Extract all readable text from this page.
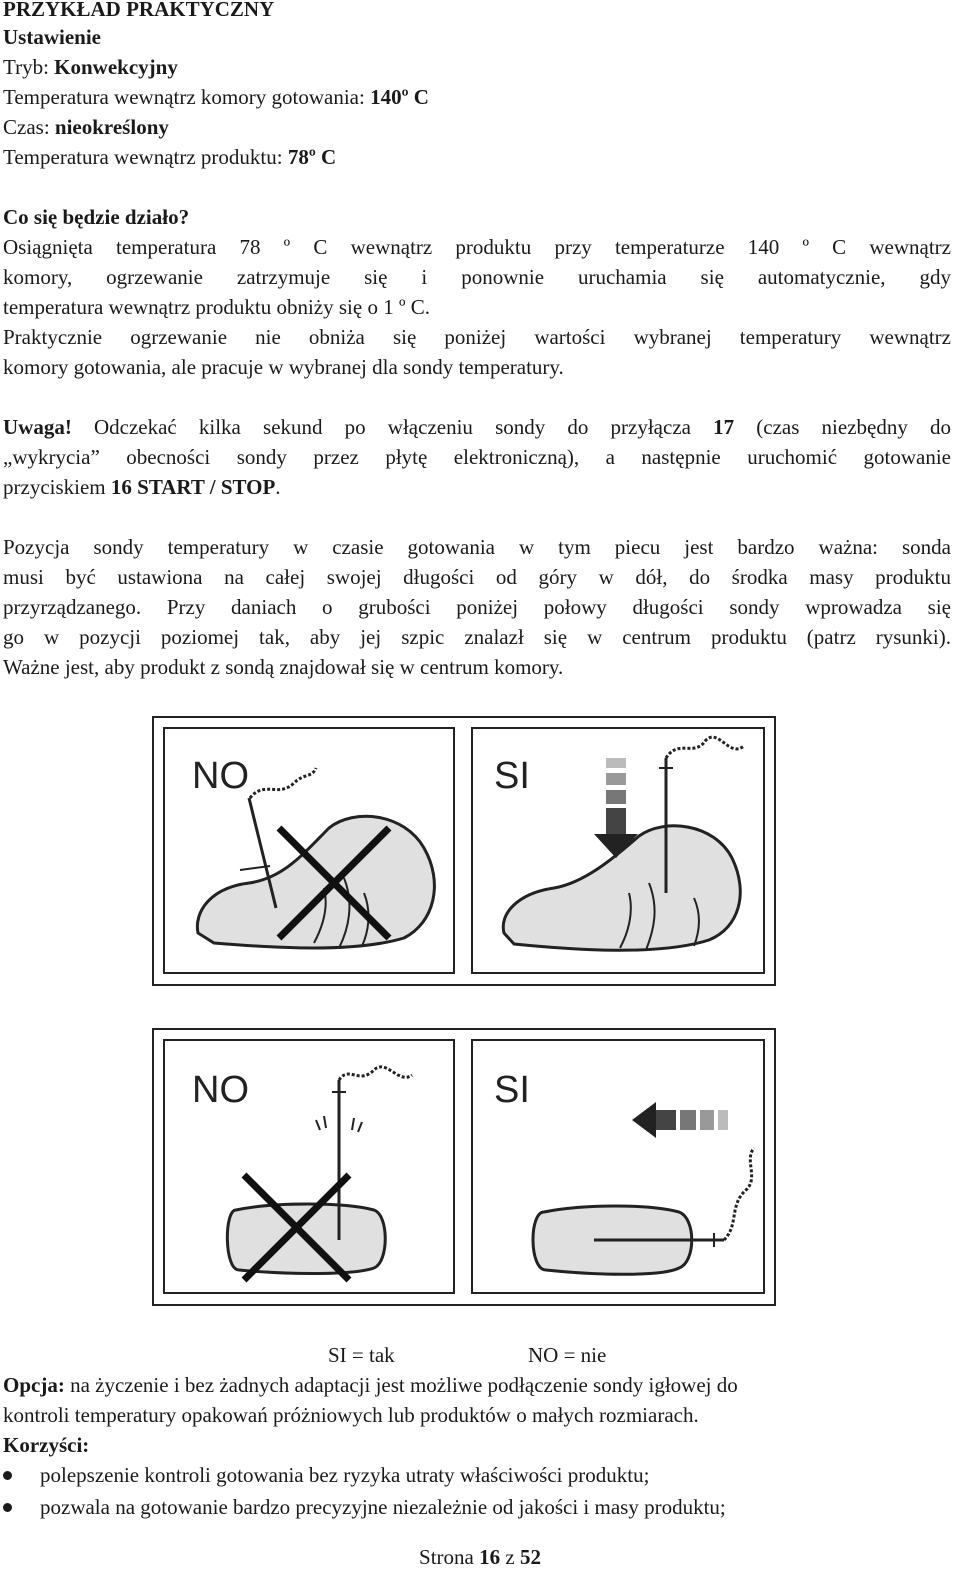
PRZYKŁAD PRAKTYCZNY
Ustawienie
Tryb: Konwekcyjny
Temperatura wewnątrz komory gotowania: 140º C
Czas: nieokreślony
Temperatura wewnątrz produktu: 78º C
Co się będzie działo?

Osiągnięta temperatura 78 º C wewnątrz produktu przy temperaturze 140 º C wewnątrz

komory, ogrzewanie zatrzymuje się i ponownie uruchamia się automatycznie, gdy

temperatura wewnątrz produktu obniży się o 1 º C.

Praktycznie ogrzewanie nie obniża się poniżej wartości wybranej temperatury wewnątrz

komory gotowania, ale pracuje w wybranej dla sondy temperatury.

Uwaga! Odczekać kilka sekund po włączeniu sondy do przyłącza 17 (czas niezbędny do

„wykrycia” obecności sondy przez płytę elektroniczną), a następnie uruchomić gotowanie

przyciskiem 16 START / STOP.

Pozycja sondy temperatury w czasie gotowania w tym piecu jest bardzo ważna: sonda

musi być ustawiona na całej swojej długości od góry w dół, do środka masy produktu

przyrządzanego. Przy daniach o grubości poniżej połowy długości sondy wprowadza się

go w pozycji poziomej tak, aby jej szpic znalazł się w centrum produktu (patrz rysunki).

Ważne jest, aby produkt z sondą znajdował się w centrum komory.

NO	SI
NO	SI
SI = tak	NO = nie
Opcja: na życzenie i bez żadnych adaptacji jest możliwe podłączenie sondy igłowej do
kontroli temperatury opakowań próżniowych lub produktów o małych rozmiarach.
Korzyści:
polepszenie kontroli gotowania bez ryzyka utraty właściwości produktu;
pozwala na gotowanie bardzo precyzyjne niezależnie od jakości i masy produktu;
Strona 16 z 52
